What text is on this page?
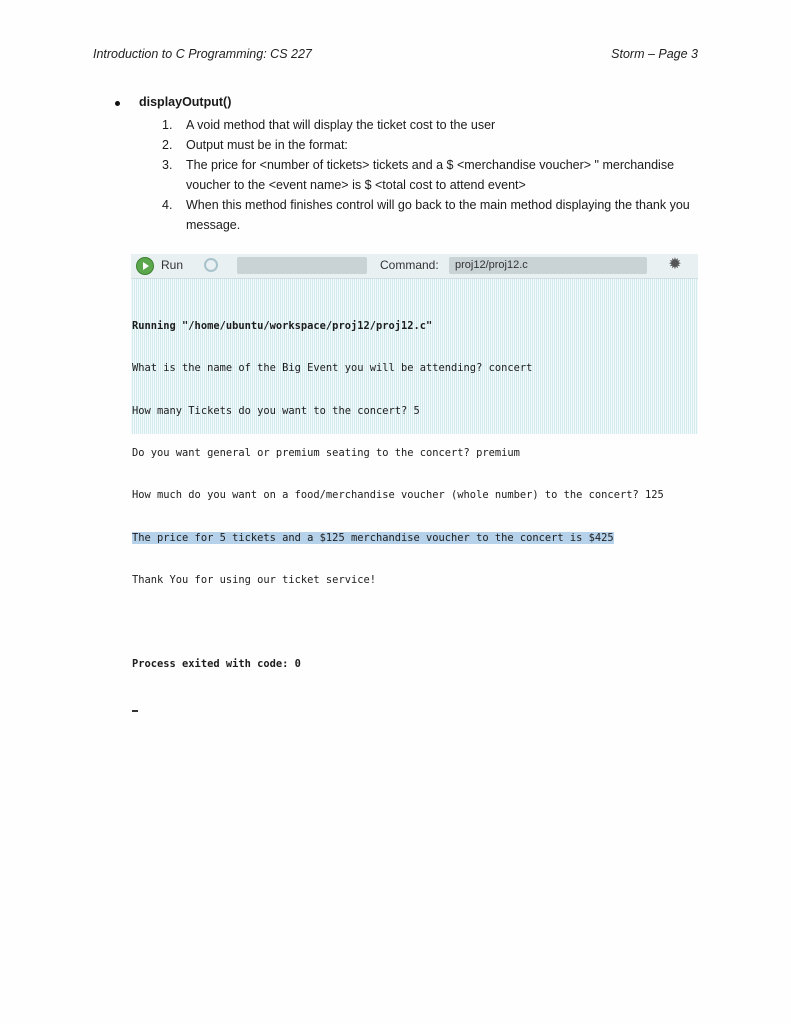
Introduction to C Programming: CS 227	Storm – Page 3
displayOutput()
1. A void method that will display the ticket cost to the user
2. Output must be in the format:
3. The price for <number of tickets> tickets and a $ <merchandise voucher> " merchandise voucher to the <event name> is $ <total cost to attend event>
4. When this method finishes control will go back to the main method displaying the thank you message.
Run	Command:	proj12/proj12.c	✹

Running "/home/ubuntu/workspace/proj12/proj12.c"

What is the name of the Big Event you will be attending? concert

How many Tickets do you want to the concert? 5

Do you want general or premium seating to the concert? premium

How much do you want on a food/merchandise voucher (whole number) to the concert? 125

The price for 5 tickets and a $125 merchandise voucher to the concert is $425

Thank You for using our ticket service!

Process exited with code: 0
